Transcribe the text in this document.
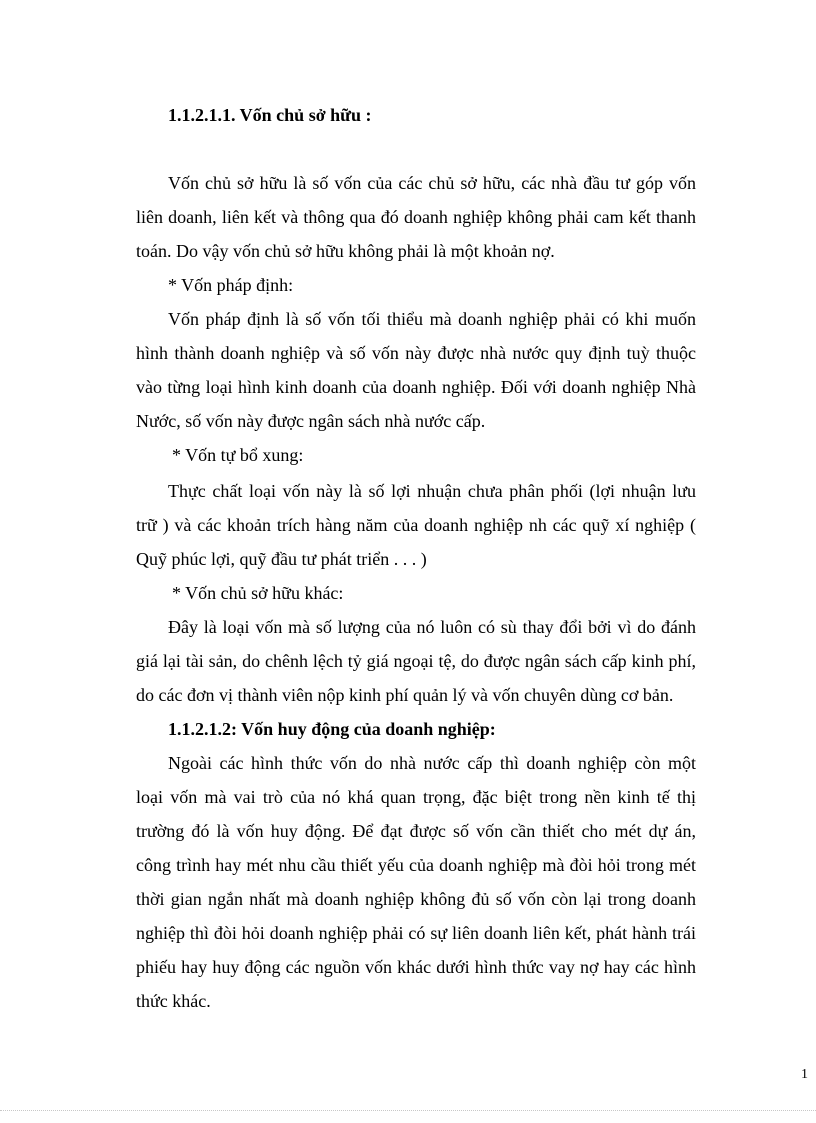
1.1.2.1.1. Vốn chủ sở hữu :
Vốn chủ sở hữu là số vốn của các chủ sở hữu, các nhà đầu tư góp vốn
liên doanh, liên kết và thông qua đó doanh nghiệp không phải cam kết thanh
toán. Do vậy vốn chủ sở hữu không phải là một khoản nợ.
* Vốn pháp định:
Vốn pháp định là số vốn tối thiểu mà doanh nghiệp phải có khi muốn
hình thành doanh nghiệp và số vốn này được nhà nước quy định tuỳ thuộc
vào từng loại hình kinh doanh của doanh nghiệp. Đối với doanh nghiệp Nhà
Nước, số vốn này được ngân sách nhà nước cấp.
* Vốn tự bổ xung:
Thực chất loại vốn này là số lợi nhuận chưa phân phối (lợi nhuận lưu
trữ ) và các khoản trích hàng năm của doanh nghiệp nh các quỹ xí nghiệp (
Quỹ phúc lợi, quỹ đầu tư phát triển . . . )
* Vốn chủ sở hữu khác:
Đây là loại vốn mà số lượng của nó luôn có sù thay đổi bởi vì do đánh
giá lại tài sản, do chênh lệch tỷ giá ngoại tệ, do được ngân sách cấp kinh phí,
do các đơn vị thành viên nộp kinh phí quản lý và vốn chuyên dùng cơ bản.
1.1.2.1.2: Vốn huy động của doanh nghiệp:
Ngoài các hình thức vốn do nhà nước cấp thì doanh nghiệp còn một
loại vốn mà vai trò của nó khá quan trọng, đặc biệt trong nền kinh tế thị
trường đó là vốn huy động. Để đạt được số vốn cần thiết cho mét dự án,
công trình hay mét nhu cầu thiết yếu của doanh nghiệp mà đòi hỏi trong mét
thời gian ngắn nhất mà doanh nghiệp không đủ số vốn còn lại trong doanh
nghiệp thì đòi hỏi doanh nghiệp phải có sự liên doanh liên kết, phát hành trái
phiếu hay huy động các nguồn vốn khác dưới hình thức vay nợ hay các hình
thức khác.
1
